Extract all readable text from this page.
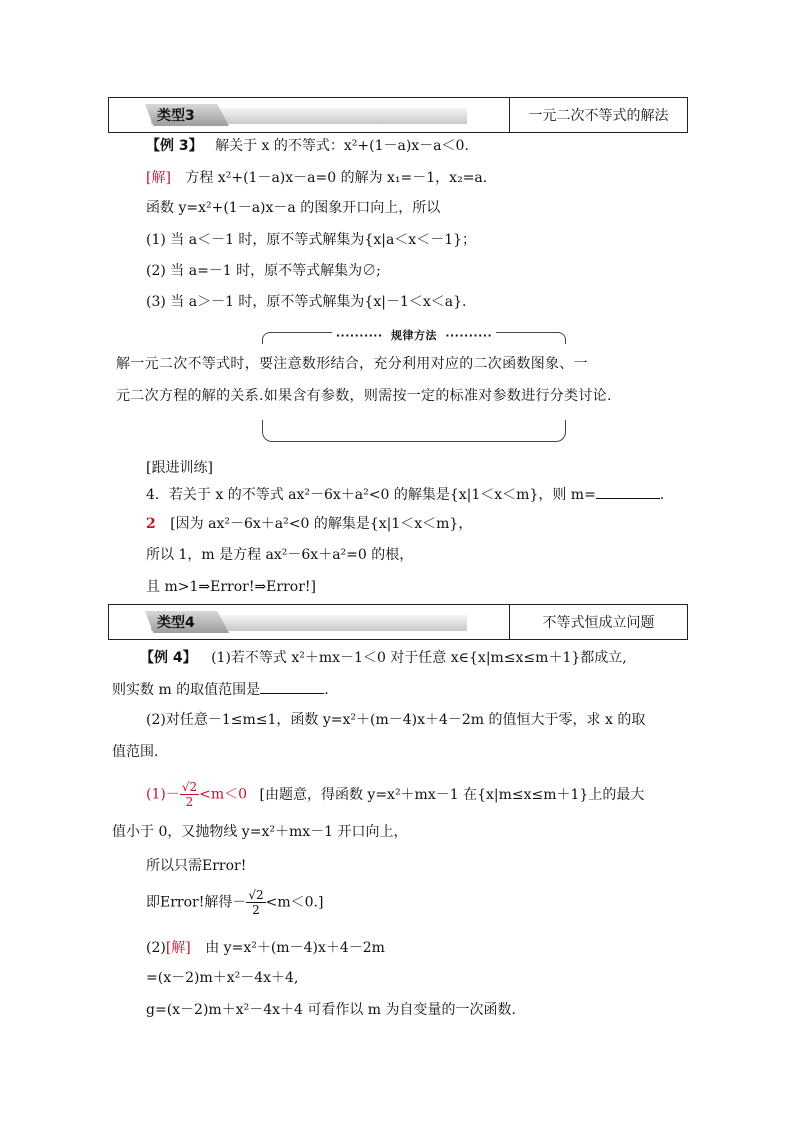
类型3	一元二次不等式的解法
【例 3】 解关于 x 的不等式：x²+(1－a)x－a＜0.
[解] 方程 x²+(1－a)x－a=0 的解为 x₁=－1，x₂=a.
函数 y=x²+(1－a)x－a 的图象开口向上，所以
(1) 当 a＜－1 时，原不等式解集为{x|a＜x＜－1}；
(2) 当 a=－1 时，原不等式解集为∅;
(3) 当 a＞－1 时，原不等式解集为{x|－1＜x＜a}.
·········· 规律方法 ··········
解一元二次不等式时，要注意数形结合，充分利用对应的二次函数图象、一
元二次方程的解的关系.如果含有参数，则需按一定的标准对参数进行分类讨论.
[跟进训练]
4．若关于 x 的不等式 ax²－6x＋a²<0 的解集是{x|1＜x＜m}，则 m=	.
2 [因为 ax²－6x＋a²<0 的解集是{x|1＜x＜m}，
所以 1，m 是方程 ax²－6x＋a²=0 的根，
且 m>1⇒Error!⇒Error!]
类型4	不等式恒成立问题
【例 4】 (1)若不等式 x²＋mx－1＜0 对于任意 x∈{x|m≤x≤m＋1}都成立,
则实数 m 的取值范围是	.
(2)对任意－1≤m≤1，函数 y=x²＋(m－4)x＋4－2m 的值恒大于零，求 x 的取
值范围.
$(1)- \frac{√2}{2} <m<0$ [由题意，得函数 y=x²＋mx－1 在{x|m≤x≤m＋1}上的最大
值小于 0，又抛物线 y=x²＋mx－1 开口向上，
所以只需Error!
即Error!解得－ $\frac{√2}{2} <m<0$.]
(2)[解] 由 y=x²＋(m－4)x＋4－2m
=(x－2)m＋x²－4x＋4,
g=(x－2)m＋x²－4x＋4 可看作以 m 为自变量的一次函数.
